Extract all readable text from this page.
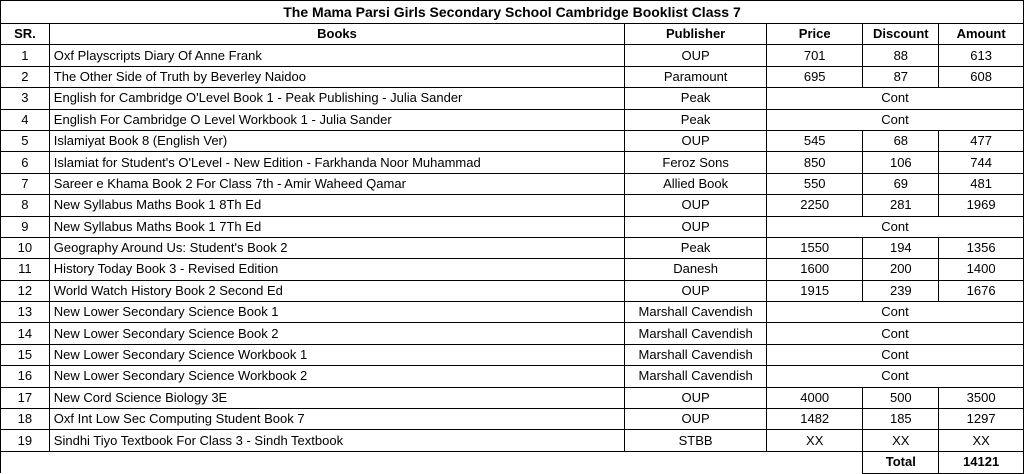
The Mama Parsi Girls Secondary School Cambridge Booklist Class 7					
SR.	Books	Publisher	Price	Discount	Amount
1	Oxf Playscripts Diary Of Anne Frank	OUP	701	88	613
2	The Other Side of Truth by Beverley Naidoo	Paramount	695	87	608
3	English for Cambridge O'Level Book 1 - Peak Publishing - Julia Sander	Peak	Cont		
4	English For Cambridge O Level Workbook 1 - Julia Sander	Peak	Cont		
5	Islamiyat Book 8 (English Ver)	OUP	545	68	477
6	Islamiat for Student's O'Level - New Edition - Farkhanda Noor Muhammad	Feroz Sons	850	106	744
7	Sareer e Khama Book 2 For Class 7th - Amir Waheed Qamar	Allied Book	550	69	481
8	New Syllabus Maths Book 1 8Th Ed	OUP	2250	281	1969
9	New Syllabus Maths Book 1 7Th Ed	OUP	Cont		
10	Geography Around Us: Student's Book 2	Peak	1550	194	1356
11	History Today Book 3 - Revised Edition	Danesh	1600	200	1400
12	World Watch History Book 2 Second Ed	OUP	1915	239	1676
13	New Lower Secondary Science Book 1	Marshall Cavendish	Cont		
14	New Lower Secondary Science Book 2	Marshall Cavendish	Cont		
15	New Lower Secondary Science Workbook 1	Marshall Cavendish	Cont		
16	New Lower Secondary Science Workbook 2	Marshall Cavendish	Cont		
17	New Cord Science Biology 3E	OUP	4000	500	3500
18	Oxf Int Low Sec Computing Student Book 7	OUP	1482	185	1297
19	Sindhi Tiyo Textbook For Class 3 - Sindh Textbook	STBB	XX	XX	XX
				Total	14121
